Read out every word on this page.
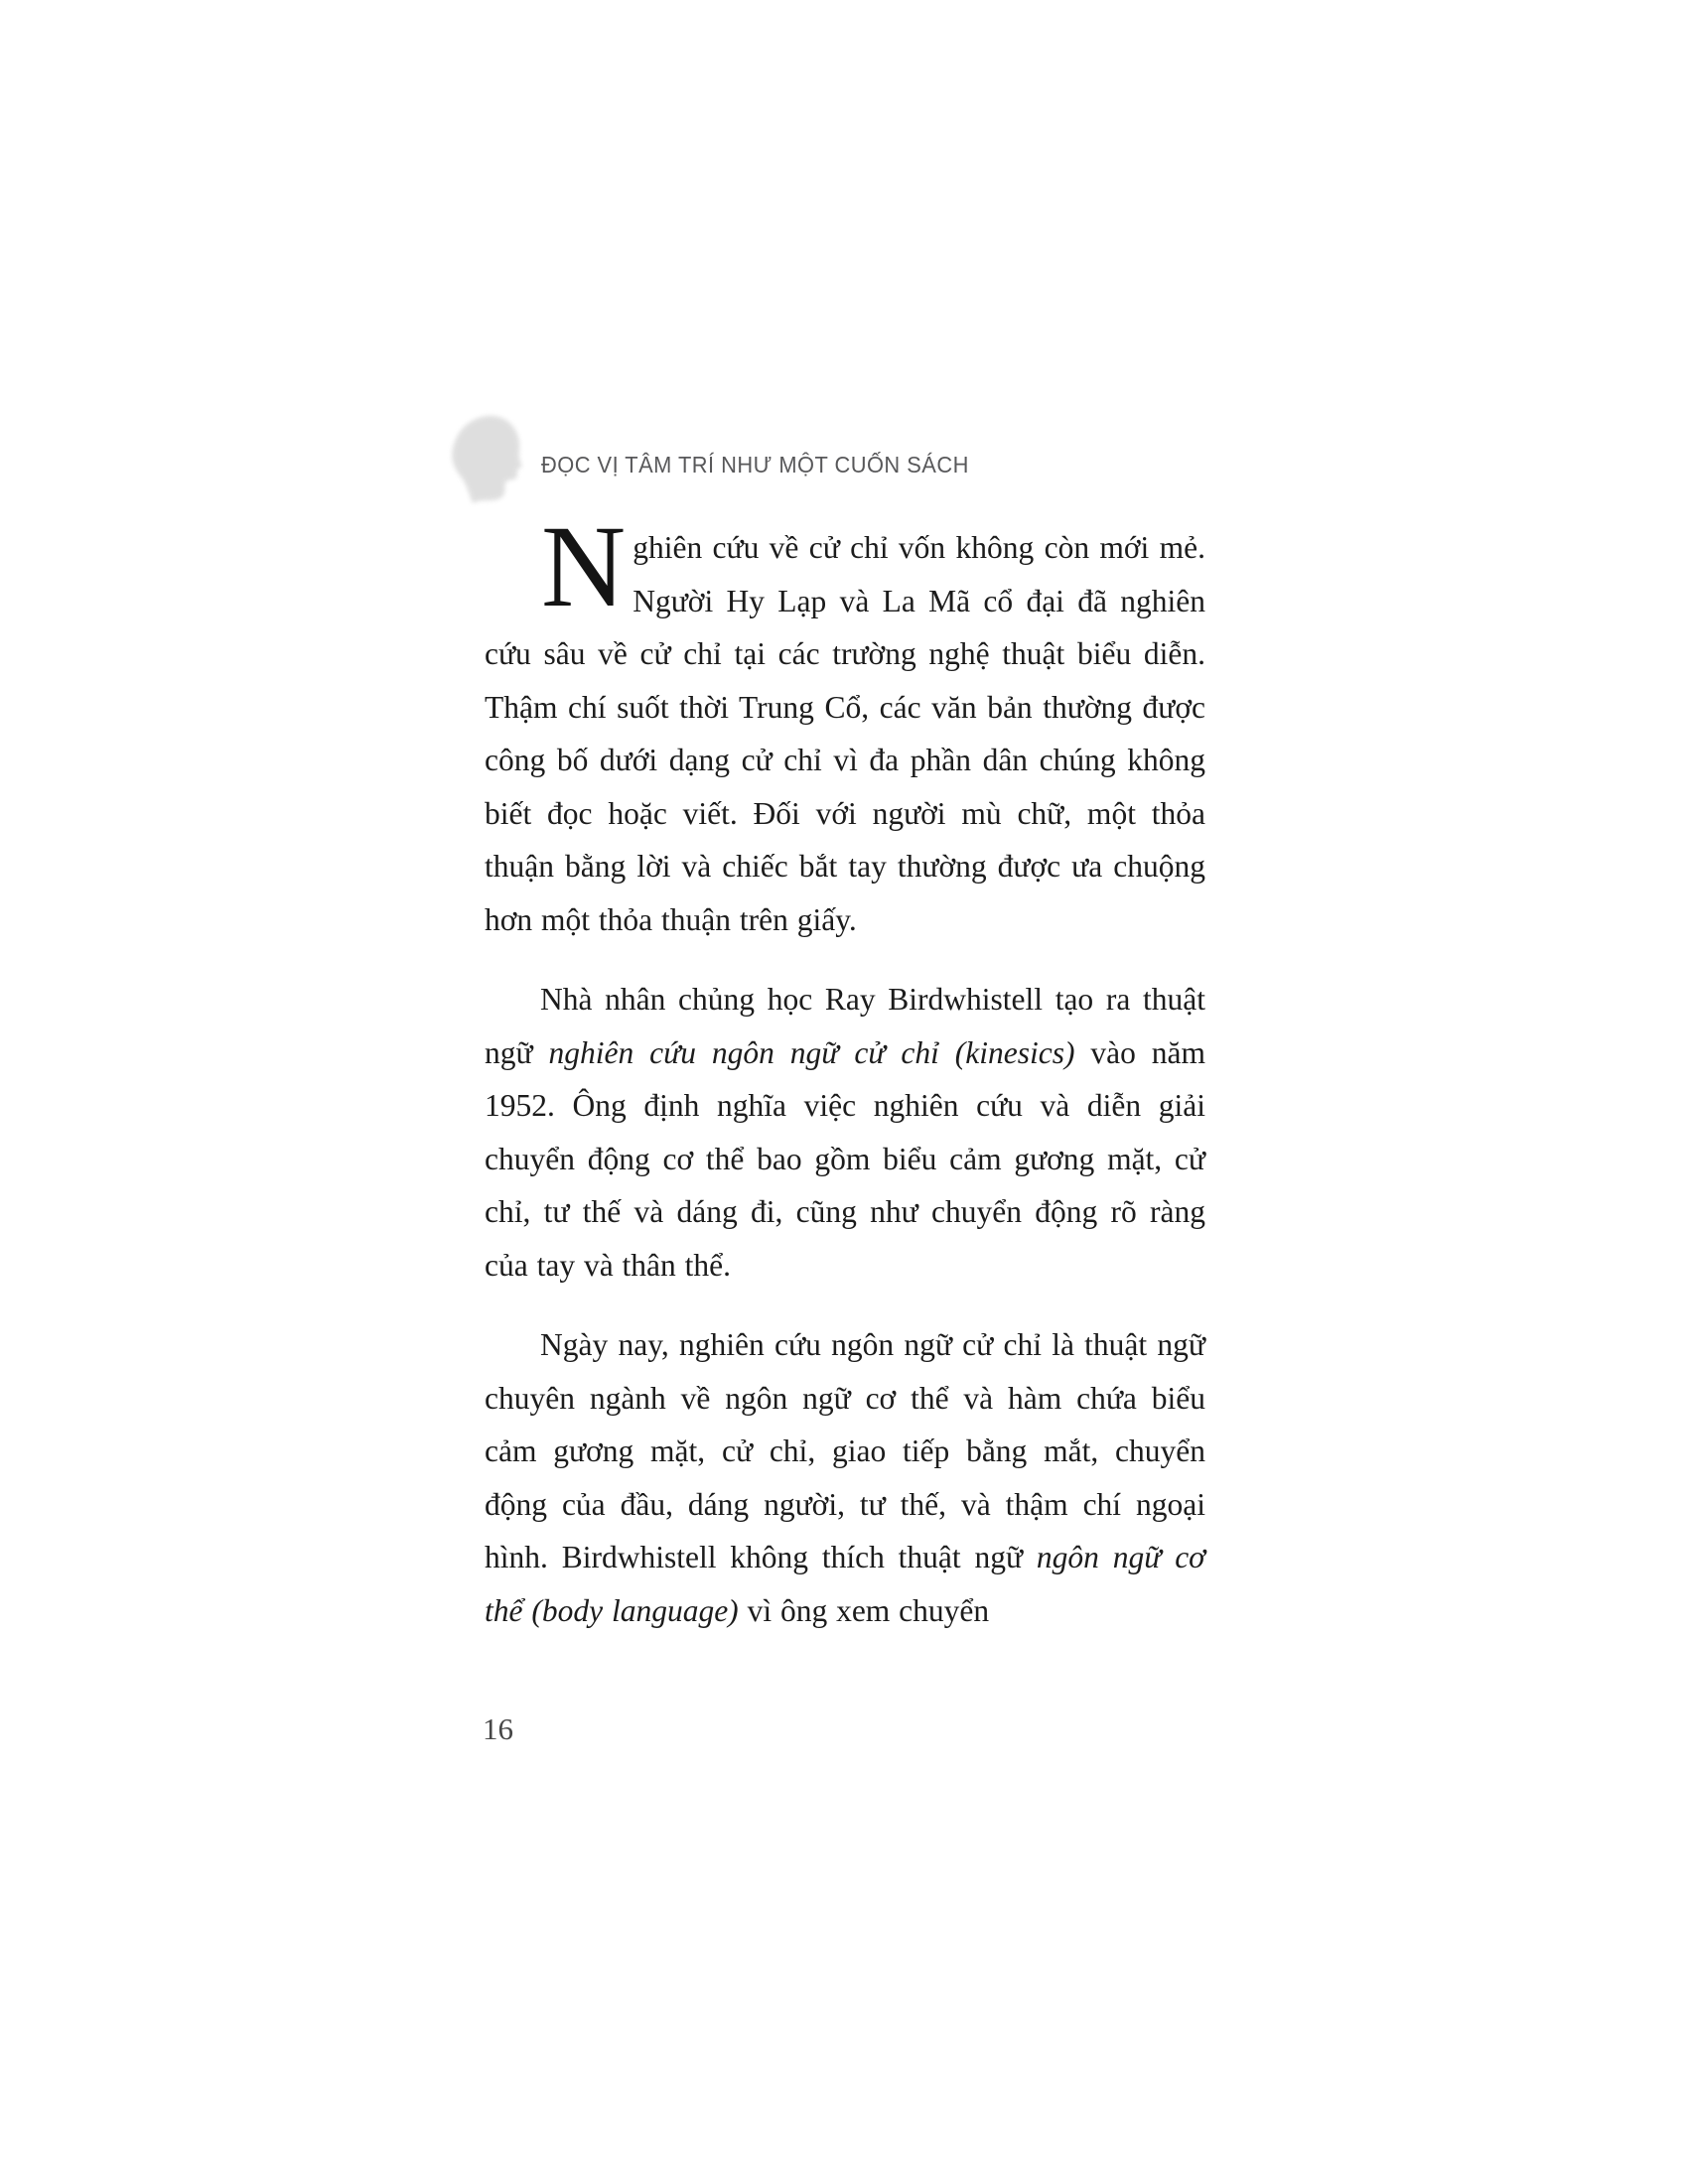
ĐỌC VỊ TÂM TRÍ NHƯ MỘT CUỐN SÁCH

Nghiên cứu về cử chỉ vốn không còn mới mẻ. Người Hy Lạp và La Mã cổ đại đã nghiên cứu sâu về cử chỉ tại các trường nghệ thuật biểu diễn. Thậm chí suốt thời Trung Cổ, các văn bản thường được công bố dưới dạng cử chỉ vì đa phần dân chúng không biết đọc hoặc viết. Đối với người mù chữ, một thỏa thuận bằng lời và chiếc bắt tay thường được ưa chuộng hơn một thỏa thuận trên giấy.

Nhà nhân chủng học Ray Birdwhistell tạo ra thuật ngữ nghiên cứu ngôn ngữ cử chỉ (kinesics) vào năm 1952. Ông định nghĩa việc nghiên cứu và diễn giải chuyển động cơ thể bao gồm biểu cảm gương mặt, cử chỉ, tư thế và dáng đi, cũng như chuyển động rõ ràng của tay và thân thể.

Ngày nay, nghiên cứu ngôn ngữ cử chỉ là thuật ngữ chuyên ngành về ngôn ngữ cơ thể và hàm chứa biểu cảm gương mặt, cử chỉ, giao tiếp bằng mắt, chuyển động của đầu, dáng người, tư thế, và thậm chí ngoại hình. Birdwhistell không thích thuật ngữ ngôn ngữ cơ thể (body language) vì ông xem chuyển

16
